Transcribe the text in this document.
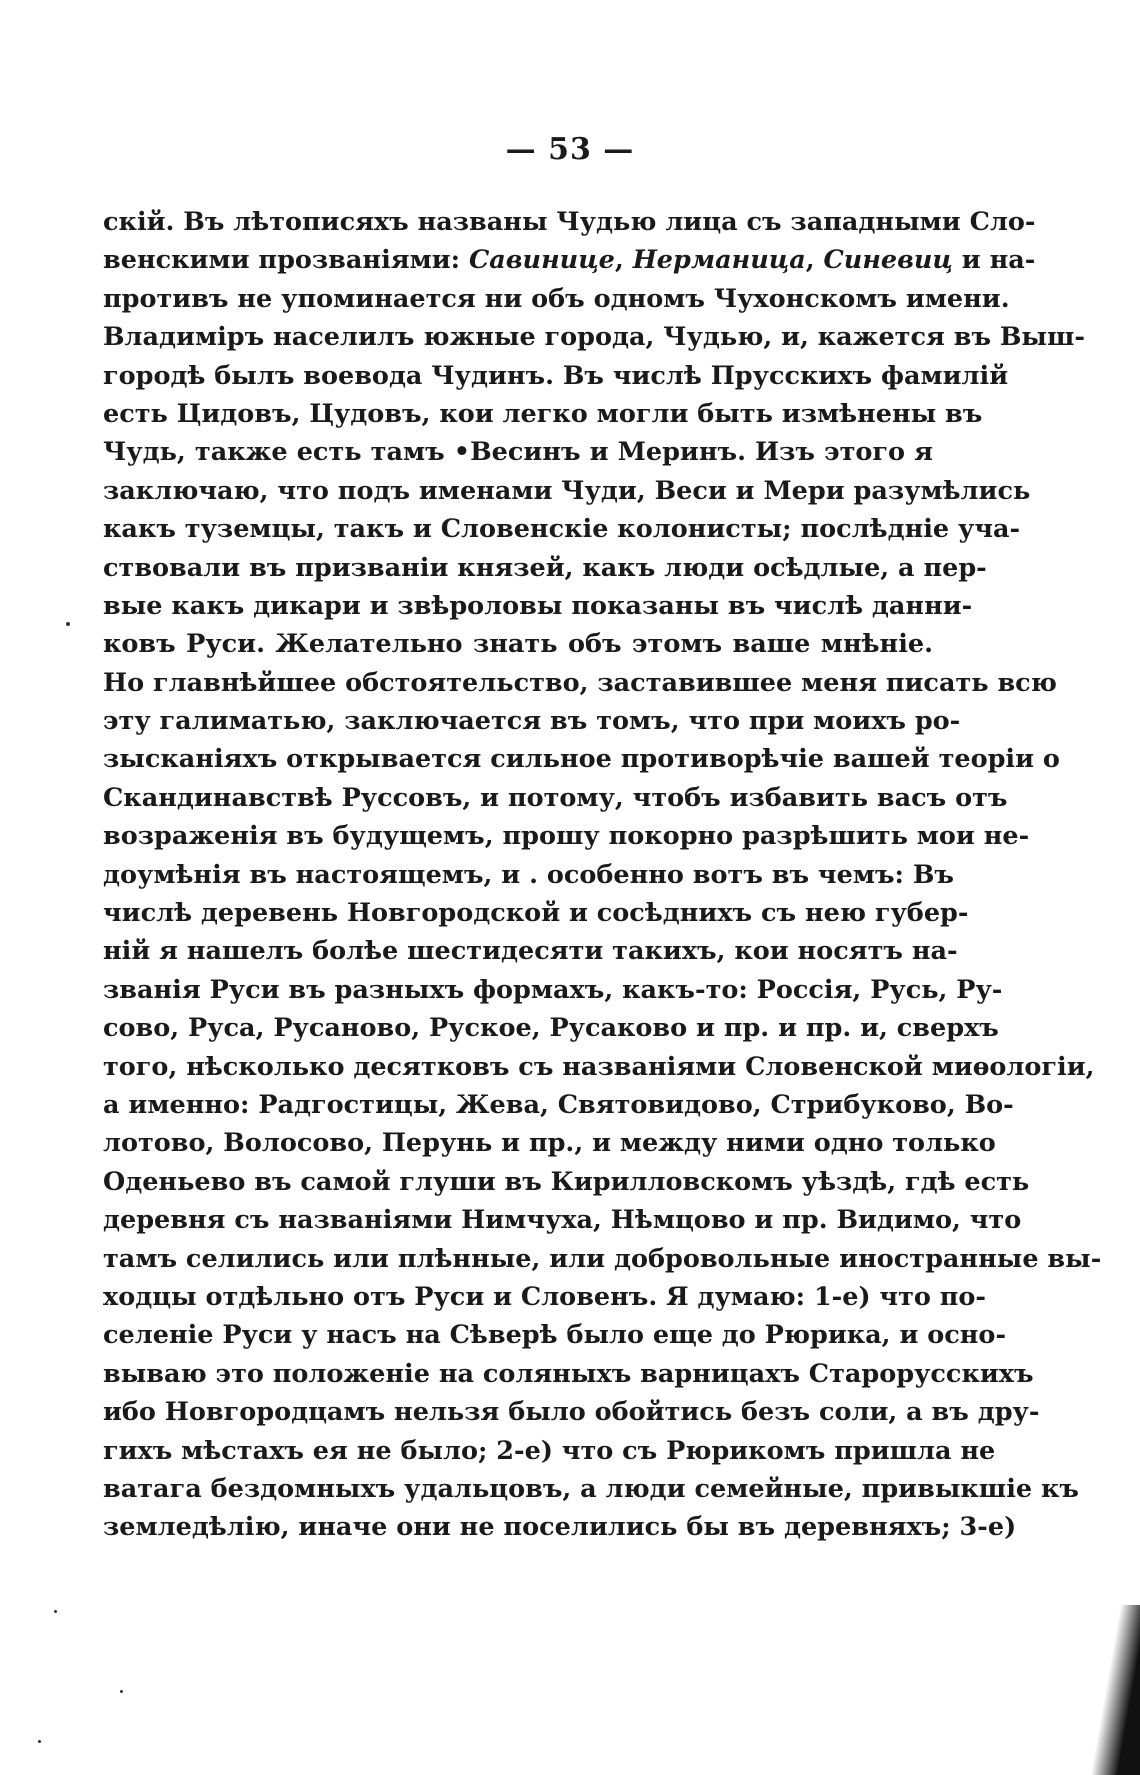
— 53 —
скій. Въ лѣтописяхъ названы Чудью лица съ западными Сло-
венскими прозваніями: Савинице, Нерманица, Синевиц и на-
противъ не упоминается ни объ одномъ Чухонскомъ имени.
Владиміръ населилъ южные города, Чудью, и, кажется въ Выш-
городѣ былъ воевода Чудинъ. Въ числѣ Прусскихъ фамилій
есть Цидовъ, Цудовъ, кои легко могли быть измѣнены въ
Чудь, также есть тамъ •Весинъ и Меринъ. Изъ этого я
заключаю, что подъ именами Чуди, Веси и Мери разумѣлись
какъ туземцы, такъ и Словенскіе колонисты; послѣдніе уча-
ствовали въ призваніи князей, какъ люди осѣдлые, а пер-
вые какъ дикари и звѣроловы показаны въ числѣ данни-
ковъ Руси. Желательно знать объ этомъ ваше мнѣніе.
Но главнѣйшее обстоятельство, заставившее меня писать всю
эту галиматью, заключается въ томъ, что при моихъ ро-
зысканіяхъ открывается сильное противорѣчіе вашей теоріи о
Скандинавствѣ Руссовъ, и потому, чтобъ избавить васъ отъ
возраженія въ будущемъ, прошу покорно разрѣшить мои не-
доумѣнія въ настоящемъ, и . особенно вотъ въ чемъ: Въ
числѣ деревень Новгородской и сосѣднихъ съ нею губер-
ній я нашелъ болѣе шестидесяти такихъ, кои носятъ на-
званія Руси въ разныхъ формахъ, какъ-то: Россія, Русь, Ру-
сово, Руса, Русаново, Руское, Русаково и пр. и пр. и, сверхъ
того, нѣсколько десятковъ съ названіями Словенской миѳологіи,
а именно: Радгостицы, Жева, Святовидово, Стрибуково, Во-
лотово, Волосово, Перунь и пр., и между ними одно только
Оденьево въ самой глуши въ Кирилловскомъ уѣздѣ, гдѣ есть
деревня съ названіями Нимчуха, Нѣмцово и пр. Видимо, что
тамъ селились или плѣнные, или добровольные иностранные вы-
ходцы отдѣльно отъ Руси и Словенъ. Я думаю: 1-е) что по-
селеніе Руси у насъ на Сѣверѣ было еще до Рюрика, и осно-
вываю это положеніе на соляныхъ варницахъ Старорусскихъ
ибо Новгородцамъ нельзя было обойтись безъ соли, а въ дру-
гихъ мѣстахъ ея не было; 2-е) что съ Рюрикомъ пришла не
ватага бездомныхъ удальцовъ, а люди семейные, привыкшіе къ
земледѣлію, иначе они не поселились бы въ деревняхъ; 3-е)
